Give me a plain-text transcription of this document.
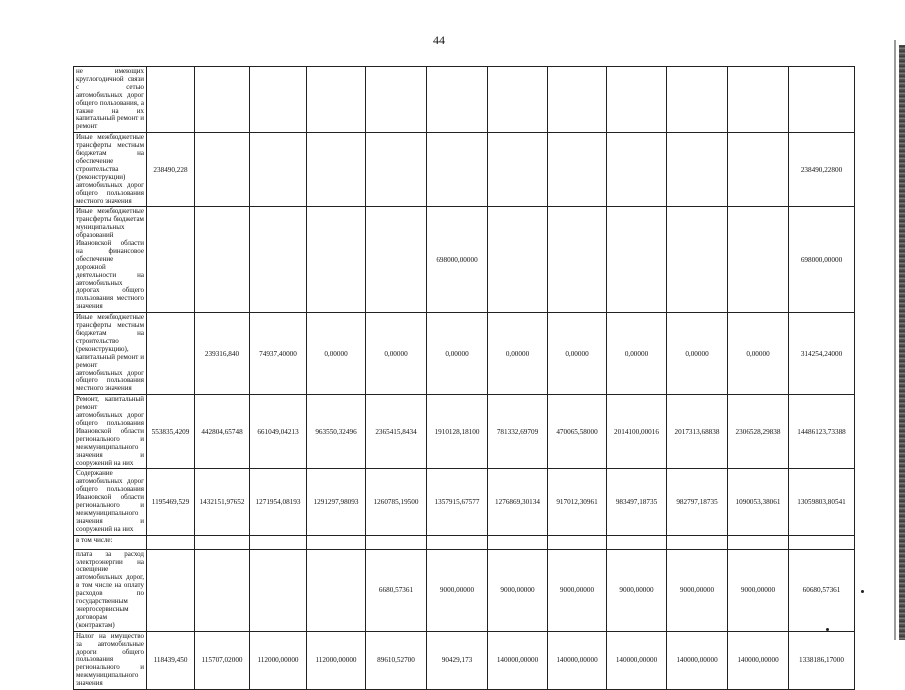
44
не имеющих круглогодичной связи с сетью автомобильных дорог общего пользования, а также на их капитальный ремонт и ремонт												
Иные межбюджетные трансферты местным бюджетам на обеспечение строительства (реконструкции) автомобильных дорог общего пользования местного значения	238490,228											238490,22800
Иные межбюджетные трансферты бюджетам муниципальных образований Ивановской области на финансовое обеспечение дорожной деятельности на автомобильных дорогах общего пользования местного значения						698000,00000						698000,00000
Иные межбюджетные трансферты местным бюджетам на строительство (реконструкцию), капитальный ремонт и ремонт автомобильных дорог общего пользования местного значения		239316,840	74937,40000	0,00000	0,00000	0,00000	0,00000	0,00000	0,00000	0,00000	0,00000	314254,24000
Ремонт, капитальный ремонт автомобильных дорог общего пользования Ивановской области регионального и межмуниципального значения и сооружений на них	553835,4209	442804,65748	661049,04213	963550,32496	2365415,8434	1910128,18100	781332,69709	470065,58000	2014100,00016	2017313,68838	2306528,29838	14486123,73388
Содержание автомобильных дорог общего пользования Ивановской области регионального и межмуниципального значения и сооружений на них	1195469,529	1432151,97652	1271954,08193	1291297,98093	1260785,19500	1357915,67577	1276869,30134	917012,30961	983497,18735	982797,18735	1090053,38061	13059803,80541
в том числе:												
плата за расход электроэнергии на освещение автомобильных дорог, в том числе на оплату расходов по государственным энергосервисным договорам (контрактам)					6680,57361	9000,00000	9000,00000	9000,00000	9000,00000	9000,00000	9000,00000	60680,57361
Налог на имущество за автомобильные дороги общего пользования регионального и межмуниципального значения	118439,450	115707,02000	112000,00000	112000,00000	89610,52700	90429,173	140000,00000	140000,00000	140000,00000	140000,00000	140000,00000	1338186,17000
